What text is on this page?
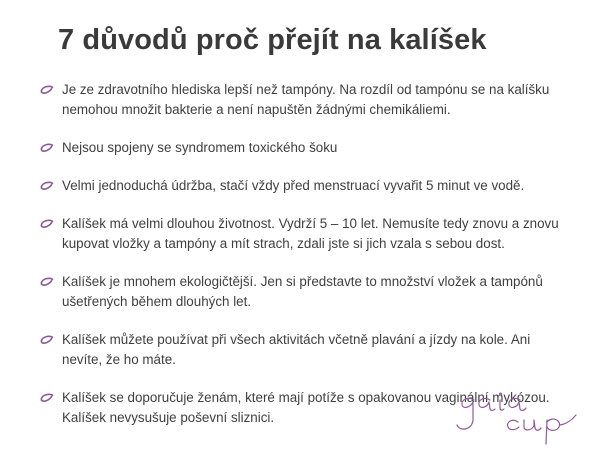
7 důvodů proč přejít na kalíšek
Je ze zdravotního hlediska lepší než tampóny. Na rozdíl od tampónu se na kalíšku nemohou množit bakterie a není napuštěn žádnými chemikáliemi.
Nejsou spojeny se syndromem toxického šoku
Velmi jednoduchá údržba, stačí vždy před menstruací vyvařit 5 minut ve vodě.
Kalíšek má velmi dlouhou životnost. Vydrží 5 – 10 let. Nemusíte tedy znovu a znovu kupovat vložky a tampóny a mít strach, zdali jste si jich vzala s sebou dost.
Kalíšek je mnohem ekologičtější. Jen si představte to množství vložek a tampónů ušetřených během dlouhých let.
Kalíšek můžete používat při všech aktivitách včetně plavání a jízdy na kole. Ani nevíte, že ho máte.
Kalíšek se doporučuje ženám, které mají potíže s opakovanou vaginální mykózou. Kalíšek nevysušuje poševní sliznici.
